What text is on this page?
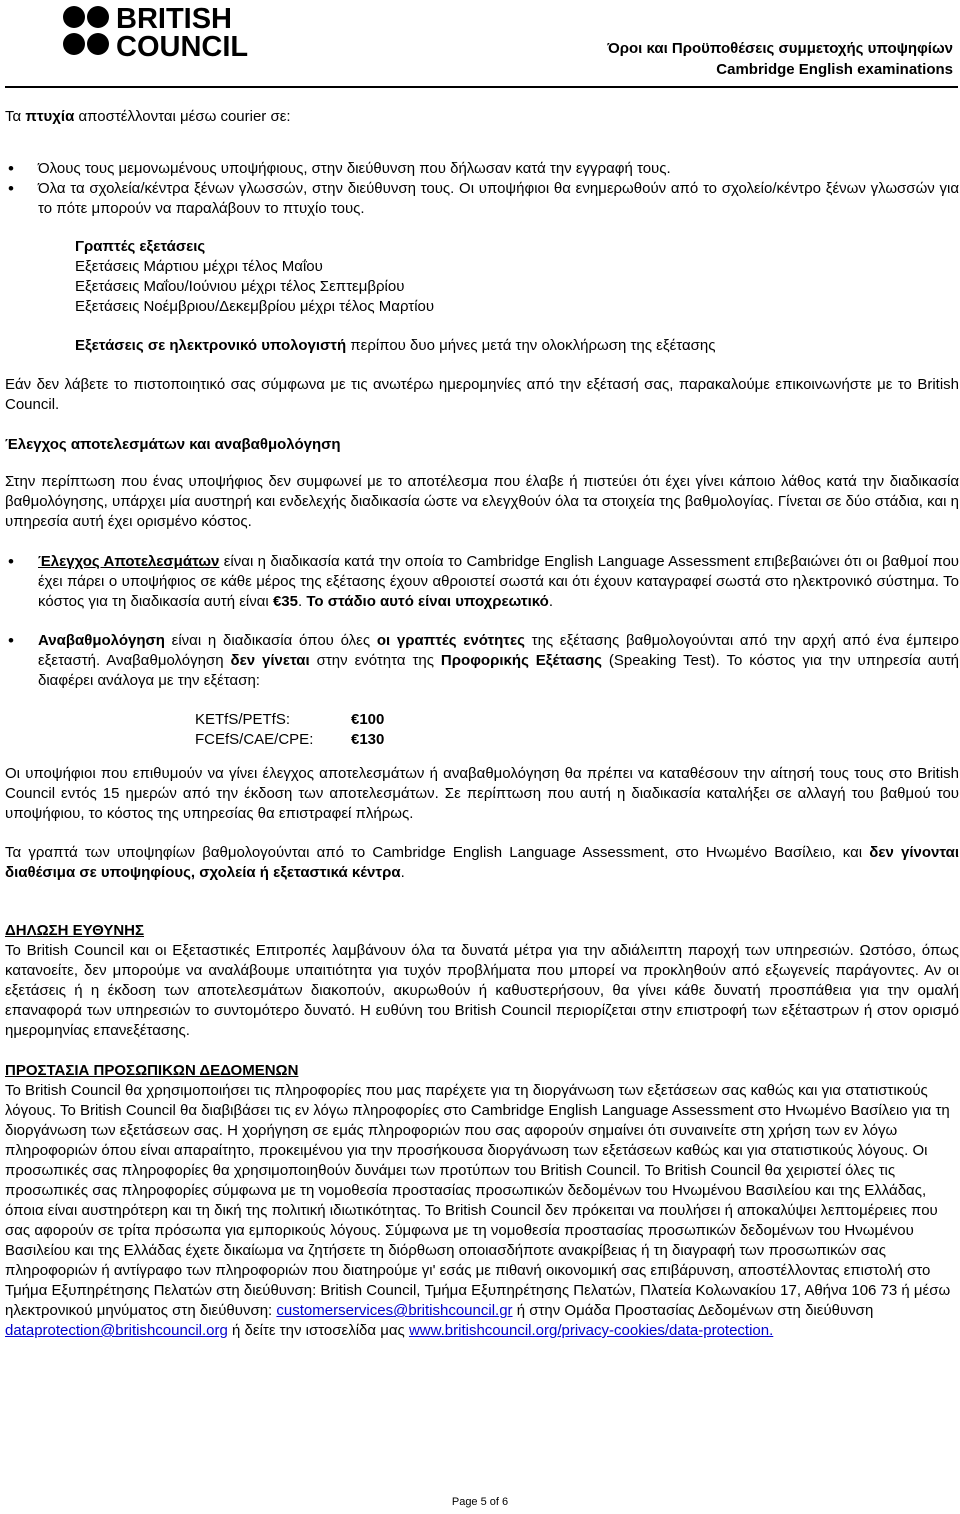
BRITISH
COUNCIL	Όροι και Προϋποθέσεις συμμετοχής υποψηφίων
Cambridge English examinations

Τα πτυχία αποστέλλονται μέσω courier σε:

• Όλους τους μεμονωμένους υποψήφιους, στην διεύθυνση που δήλωσαν κατά την εγγραφή τους.
• Όλα τα σχολεία/κέντρα ξένων γλωσσών, στην διεύθυνση τους. Οι υποψήφιοι θα ενημερωθούν από το σχολείο/κέντρο ξένων γλωσσών για το πότε μπορούν να παραλάβουν το πτυχίο τους.

Γραπτές εξετάσεις

Εξετάσεις Μάρτιου μέχρι τέλος Μαΐου

Εξετάσεις Μαΐου/Ιούνιου μέχρι τέλος Σεπτεμβρίου

Εξετάσεις Νοέμβριου/Δεκεμβρίου μέχρι τέλος Μαρτίου

Εξετάσεις σε ηλεκτρονικό υπολογιστή περίπου δυο μήνες μετά την ολοκλήρωση της εξέτασης

Εάν δεν λάβετε το πιστοποιητικό σας σύμφωνα με τις ανωτέρω ημερομηνίες από την εξέτασή σας, παρακαλούμε επικοινωνήστε με το British Council.

Έλεγχος αποτελεσμάτων και αναβαθμολόγηση

Στην περίπτωση που ένας υποψήφιος δεν συμφωνεί με το αποτέλεσμα που έλαβε ή πιστεύει ότι έχει γίνει κάποιο λάθος κατά την διαδικασία βαθμολόγησης, υπάρχει μία αυστηρή και ενδελεχής διαδικασία ώστε να ελεγχθούν όλα τα στοιχεία της βαθμολογίας. Γίνεται σε δύο στάδια, και η υπηρεσία αυτή έχει ορισμένο κόστος.

• Έλεγχος Αποτελεσμάτων είναι η διαδικασία κατά την οποία το Cambridge English Language Assessment επιβεβαιώνει ότι οι βαθμοί που έχει πάρει ο υποψήφιος σε κάθε μέρος της εξέτασης έχουν αθροιστεί σωστά και ότι έχουν καταγραφεί σωστά στο ηλεκτρονικό σύστημα. Το κόστος για τη διαδικασία αυτή είναι €35. Το στάδιο αυτό είναι υποχρεωτικό.
• Αναβαθμολόγηση είναι η διαδικασία όπου όλες οι γραπτές ενότητες της εξέτασης βαθμολογούνται από την αρχή από ένα έμπειρο εξεταστή. Αναβαθμολόγηση δεν γίνεται στην ενότητα της Προφορικής Εξέτασης (Speaking Test). Το κόστος για την υπηρεσία αυτή διαφέρει ανάλογα με την εξέταση:
KETfS/PETfS:	€100
FCEfS/CAE/CPE:	€130

Οι υποψήφιοι που επιθυμούν να γίνει έλεγχος αποτελεσμάτων ή αναβαθμολόγηση θα πρέπει να καταθέσουν την αίτησή τους τους στο British Council εντός 15 ημερών από την έκδοση των αποτελεσμάτων. Σε περίπτωση που αυτή η διαδικασία καταλήξει σε αλλαγή του βαθμού του υποψήφιου, το κόστος της υπηρεσίας θα επιστραφεί πλήρως.

Τα γραπτά των υποψηφίων βαθμολογούνται από το Cambridge English Language Assessment, στο Ηνωμένο Βασίλειο, και δεν γίνονται διαθέσιμα σε υποψηφίους, σχολεία ή εξεταστικά κέντρα.

ΔΗΛΩΣΗ ΕΥΘΥΝΗΣ

Το British Council και οι Εξεταστικές Επιτροπές λαμβάνουν όλα τα δυνατά μέτρα για την αδιάλειπτη παροχή των υπηρεσιών. Ωστόσο, όπως κατανοείτε, δεν μπορούμε να αναλάβουμε υπαιτιότητα για τυχόν προβλήματα που μπορεί να προκληθούν από εξωγενείς παράγοντες. Αν οι εξετάσεις ή η έκδοση των αποτελεσμάτων διακοπούν, ακυρωθούν ή καθυστερήσουν, θα γίνει κάθε δυνατή προσπάθεια για την ομαλή επαναφορά των υπηρεσιών το συντομότερο δυνατό. Η ευθύνη του British Council περιορίζεται στην επιστροφή των εξέταστρων ή στον ορισμό ημερομηνίας επανεξέτασης.

ΠΡΟΣΤΑΣΙΑ ΠΡΟΣΩΠΙΚΩΝ ΔΕΔΟΜΕΝΩΝ

Το British Council θα χρησιμοποιήσει τις πληροφορίες που μας παρέχετε για τη διοργάνωση των εξετάσεων σας καθώς και για στατιστικούς λόγους. Το British Council θα διαβιβάσει τις εν λόγω πληροφορίες στο Cambridge English Language Assessment στο Ηνωμένο Βασίλειο για τη διοργάνωση των εξετάσεων σας. Η χορήγηση σε εμάς πληροφοριών που σας αφορούν σημαίνει ότι συναινείτε στη χρήση των εν λόγω πληροφοριών όπου είναι απαραίτητο, προκειμένου για την προσήκουσα διοργάνωση των εξετάσεων καθώς και για στατιστικούς λόγους. Οι προσωπικές σας πληροφορίες θα χρησιμοποιηθούν δυνάμει των προτύπων του British Council. Το British Council θα χειριστεί όλες τις προσωπικές σας πληροφορίες σύμφωνα με τη νομοθεσία προστασίας προσωπικών δεδομένων του Ηνωμένου Βασιλείου και της Ελλάδας, όποια είναι αυστηρότερη και τη δική της πολιτική ιδιωτικότητας. Το British Council δεν πρόκειται να πουλήσει ή αποκαλύψει λεπτομέρειες που σας αφορούν σε τρίτα πρόσωπα για εμπορικούς λόγους. Σύμφωνα με τη νομοθεσία προστασίας προσωπικών δεδομένων του Ηνωμένου Βασιλείου και της Ελλάδας έχετε δικαίωμα να ζητήσετε τη διόρθωση οποιασδήποτε ανακρίβειας ή τη διαγραφή των προσωπικών σας πληροφοριών ή αντίγραφο των πληροφοριών που διατηρούμε γι' εσάς με πιθανή οικονομική σας επιβάρυνση, αποστέλλοντας επιστολή στο Τμήμα Εξυπηρέτησης Πελατών στη διεύθυνση: British Council, Τμήμα Εξυπηρέτησης Πελατών, Πλατεία Κολωνακίου 17, Αθήνα 106 73 ή μέσω ηλεκτρονικού μηνύματος στη διεύθυνση: customerservices@britishcouncil.gr ή στην Ομάδα Προστασίας Δεδομένων στη διεύθυνση dataprotection@britishcouncil.org ή δείτε την ιστοσελίδα μας www.britishcouncil.org/privacy-cookies/data-protection.

Page 5 of 6
